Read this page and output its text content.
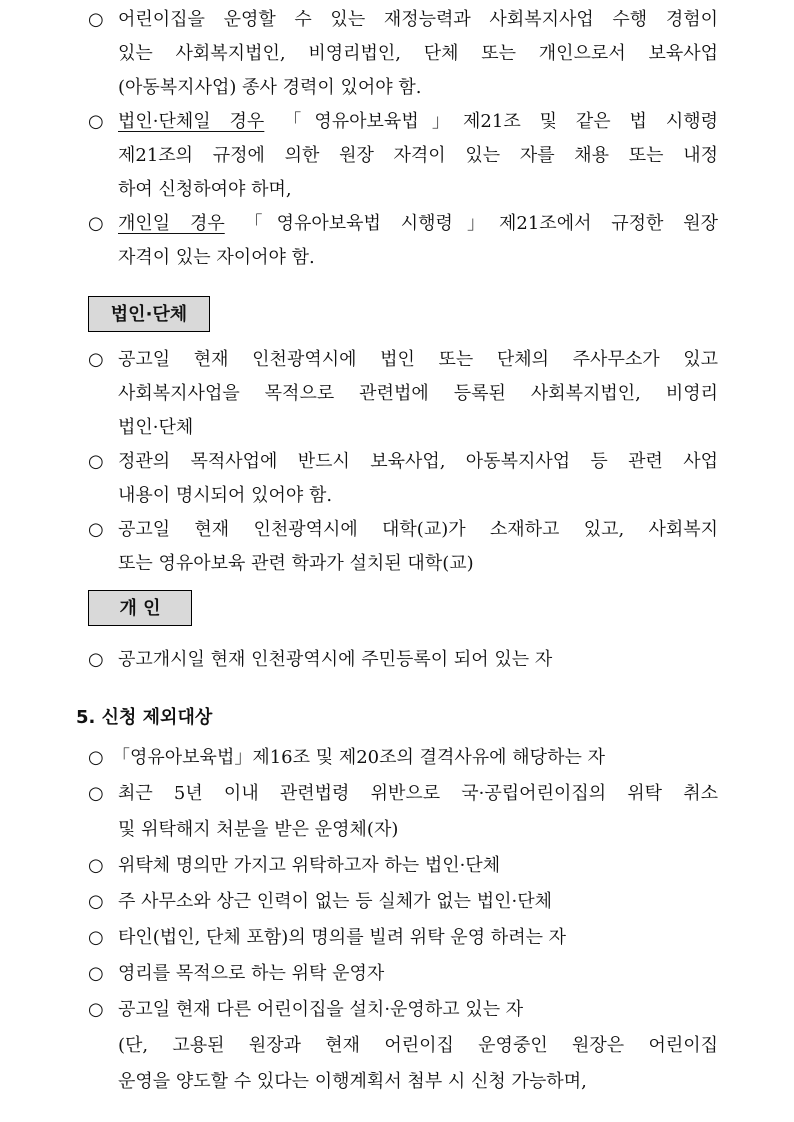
○ 어린이집을 운영할 수 있는 재정능력과 사회복지사업 수행 경험이
있는 사회복지법인, 비영리법인, 단체 또는 개인으로서 보육사업
(아동복지사업) 종사 경력이 있어야 함.
○ 법인·단체일 경우 「영유아보육법」제21조 및 같은 법 시행령
제21조의 규정에 의한 원장 자격이 있는 자를 채용 또는 내정
하여 신청하여야 하며,
○ 개인일 경우 「영유아보육법 시행령」제21조에서 규정한 원장
자격이 있는 자이어야 함.
법인·단체
○ 공고일 현재 인천광역시에 법인 또는 단체의 주사무소가 있고
사회복지사업을 목적으로 관련법에 등록된 사회복지법인, 비영리
법인·단체
○ 정관의 목적사업에 반드시 보육사업, 아동복지사업 등 관련 사업
내용이 명시되어 있어야 함.
○ 공고일 현재 인천광역시에 대학(교)가 소재하고 있고, 사회복지
또는 영유아보육 관련 학과가 설치된 대학(교)
개 인
○ 공고개시일 현재 인천광역시에 주민등록이 되어 있는 자
5. 신청 제외대상
○ 「영유아보육법」제16조 및 제20조의 결격사유에 해당하는 자
○ 최근 5년 이내 관련법령 위반으로 국·공립어린이집의 위탁 취소
및 위탁해지 처분을 받은 운영체(자)
○ 위탁체 명의만 가지고 위탁하고자 하는 법인·단체
○ 주 사무소와 상근 인력이 없는 등 실체가 없는 법인·단체
○ 타인(법인, 단체 포함)의 명의를 빌려 위탁 운영 하려는 자
○ 영리를 목적으로 하는 위탁 운영자
○ 공고일 현재 다른 어린이집을 설치·운영하고 있는 자
(단, 고용된 원장과 현재 어린이집 운영중인 원장은 어린이집
운영을 양도할 수 있다는 이행계획서 첨부 시 신청 가능하며,
